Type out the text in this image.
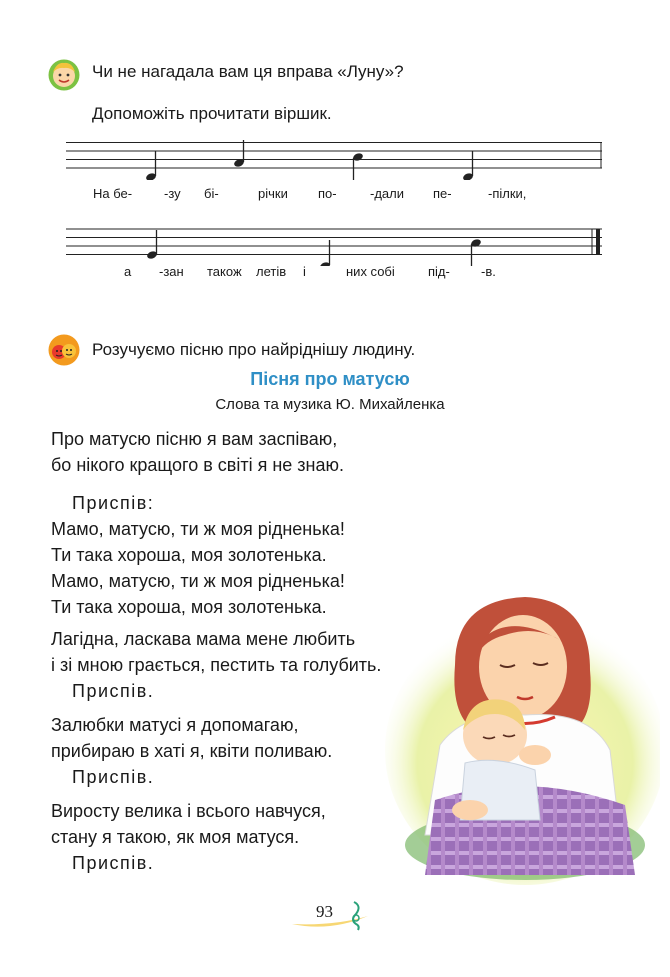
Чи не нагадала вам ця вправа «Луну»?
Допоможіть прочитати віршик.
На бе- -зу бі-	річки по-	-дали пе-	-пілки,
а -зан також летів і	них собі	під- -в.
Розучуємо пісню про найріднішу людину.
Пісня про матусю
Слова та музика Ю. Михайленка
Про матусю пісню я вам заспіваю,
бо нікого кращого в світі я не знаю.
Приспів:
Мамо, матусю, ти ж моя рідненька!
Ти така хороша, моя золотенька.
Мамо, матусю, ти ж моя рідненька!
Ти така хороша, моя золотенька.
Лагідна, ласкава мама мене любить
і зі мною грається, пестить та голубить.
Приспів.
Залюбки матусі я допомагаю,
прибираю в хаті я, квіти поливаю.
Приспів.
Виросту велика і всього навчуся,
стану я такою, як моя матуся.
Приспів.
93
